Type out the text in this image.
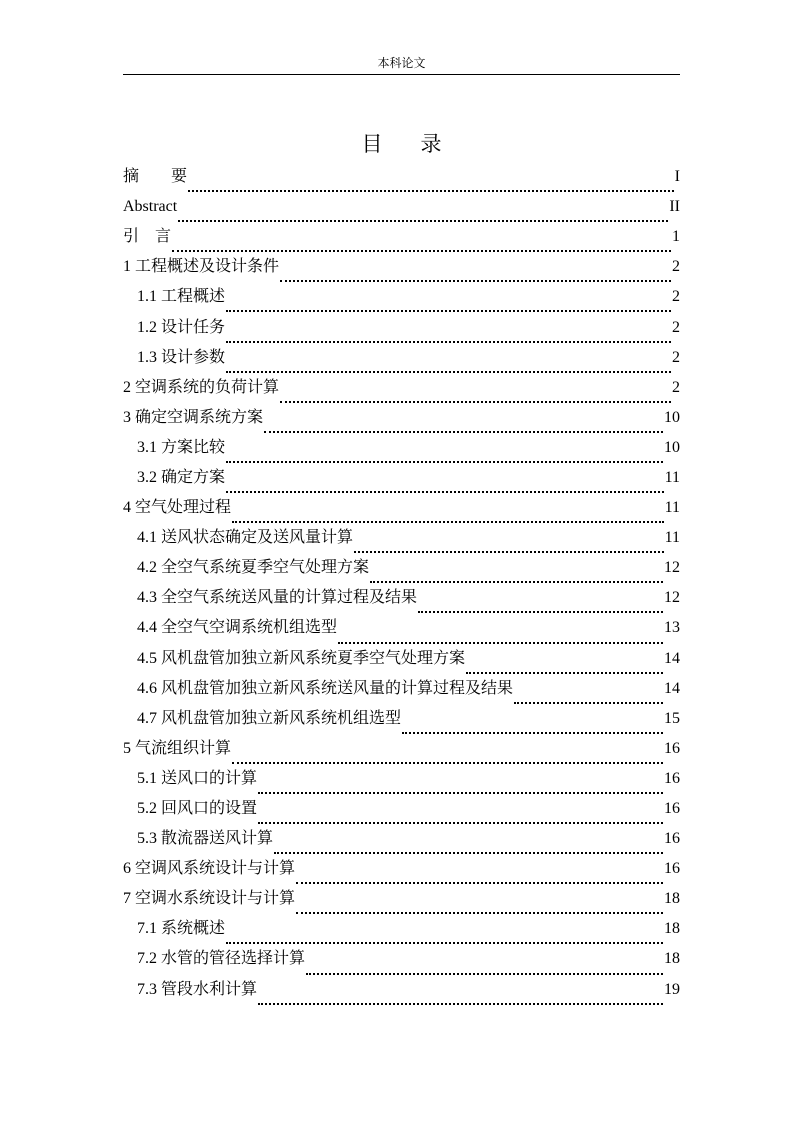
本科论文
目 录
摘　　要	I
Abstract	II
引　言	1
1 工程概述及设计条件	2
1.1 工程概述	2
1.2 设计任务	2
1.3 设计参数	2
2 空调系统的负荷计算	2
3 确定空调系统方案	10
3.1 方案比较	10
3.2 确定方案	11
4 空气处理过程	11
4.1 送风状态确定及送风量计算	11
4.2 全空气系统夏季空气处理方案	12
4.3 全空气系统送风量的计算过程及结果	12
4.4 全空气空调系统机组选型	13
4.5 风机盘管加独立新风系统夏季空气处理方案	14
4.6 风机盘管加独立新风系统送风量的计算过程及结果	14
4.7 风机盘管加独立新风系统机组选型	15
5 气流组织计算	16
5.1 送风口的计算	16
5.2 回风口的设置	16
5.3 散流器送风计算	16
6 空调风系统设计与计算	16
7 空调水系统设计与计算	18
7.1 系统概述	18
7.2 水管的管径选择计算	18
7.3 管段水利计算	19
